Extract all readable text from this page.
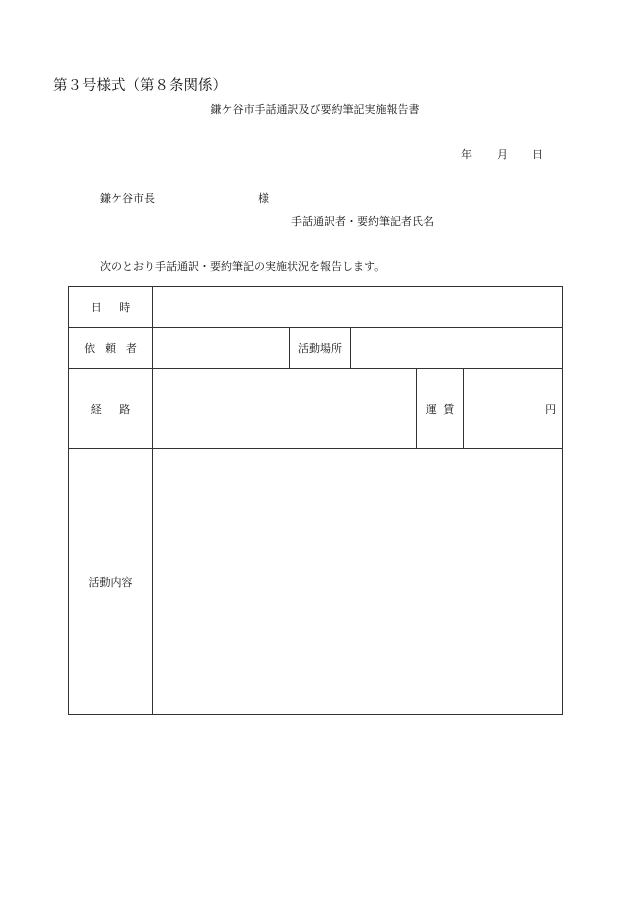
第３号様式（第８条関係）
鎌ケ谷市手話通訳及び要約筆記実施報告書
年 月 日
鎌ケ谷市長	様
手話通訳者・要約筆記者氏名
次のとおり手話通訳・要約筆記の実施状況を報告します。
日時					
依頼者		活動場所			
経路				運賃	円
活動内容					
